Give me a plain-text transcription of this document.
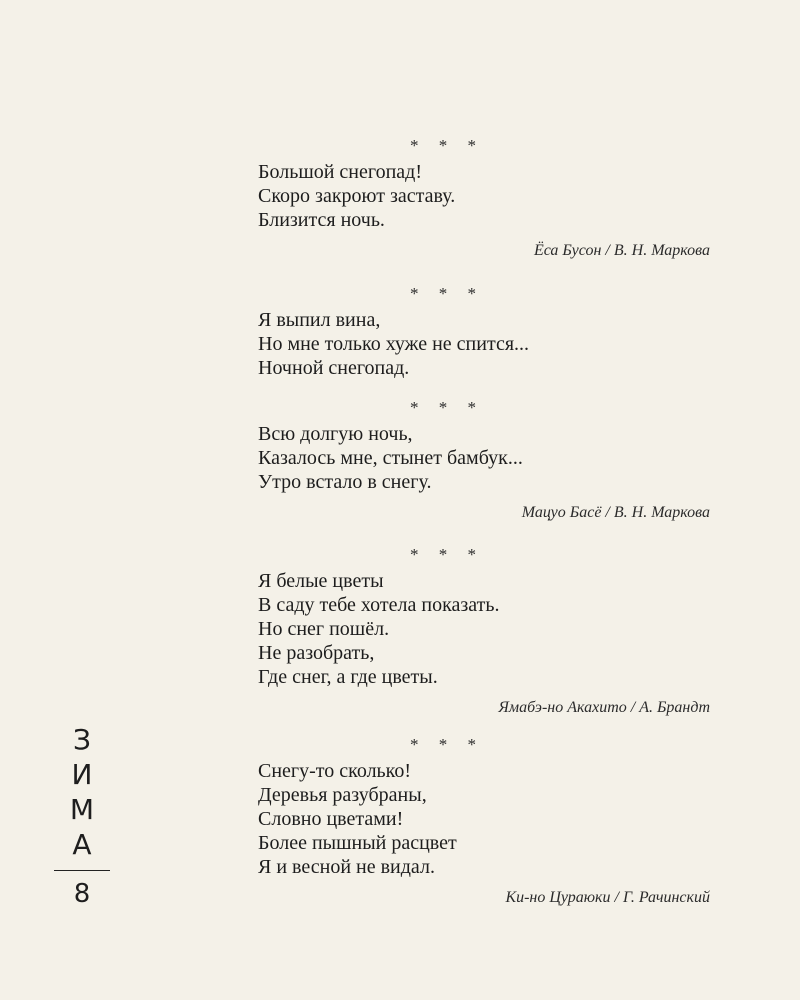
* * *
Большой снегопад!
Скоро закроют заставу.
Близится ночь.
Ёса Бусон / В. Н. Маркова
* * *
Я выпил вина,
Но мне только хуже не спится...
Ночной снегопад.
* * *
Всю долгую ночь,
Казалось мне, стынет бамбук...
Утро встало в снегу.
Мацуо Басё / В. Н. Маркова
* * *
Я белые цветы
В саду тебе хотела показать.
Но снег пошёл.
Не разобрать,
Где снег, а где цветы.
Ямабэ-но Акахито / А. Брандт
* * *
Снегу-то сколько!
Деревья разубраны,
Словно цветами!
Более пышный расцвет
Я и весной не видал.
Ки-но Цураюки / Г. Рачинский
З
И
М
А
8
